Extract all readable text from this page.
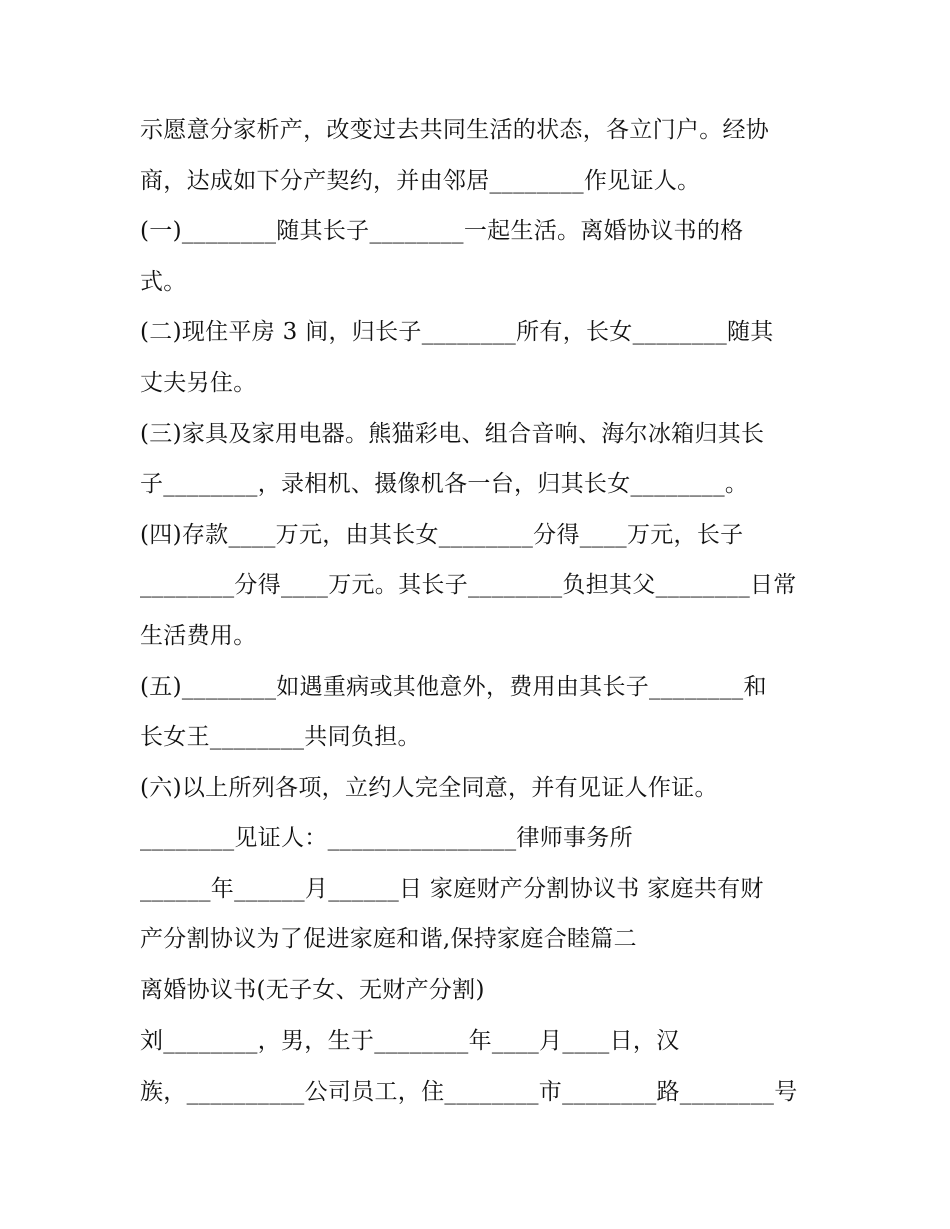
示愿意分家析产，改变过去共同生活的状态，各立门户。经协
商，达成如下分产契约，并由邻居________作见证人。
(一)________随其长子________一起生活。离婚协议书的格
式。
(二)现住平房 3 间，归长子________所有，长女________随其
丈夫另住。
(三)家具及家用电器。熊猫彩电、组合音响、海尔冰箱归其长
子________，录相机、摄像机各一台，归其长女________。
(四)存款____万元，由其长女________分得____万元，长子
________分得____万元。其长子________负担其父________日常
生活费用。
(五)________如遇重病或其他意外，费用由其长子________和
长女王________共同负担。
(六)以上所列各项，立约人完全同意，并有见证人作证。
________见证人：________________律师事务所
______年______月______日 家庭财产分割协议书 家庭共有财
产分割协议为了促进家庭和谐,保持家庭合睦篇二
离婚协议书(无子女、无财产分割)
刘________，男，生于________年____月____日，汉
族，__________公司员工，住________市________路________号
